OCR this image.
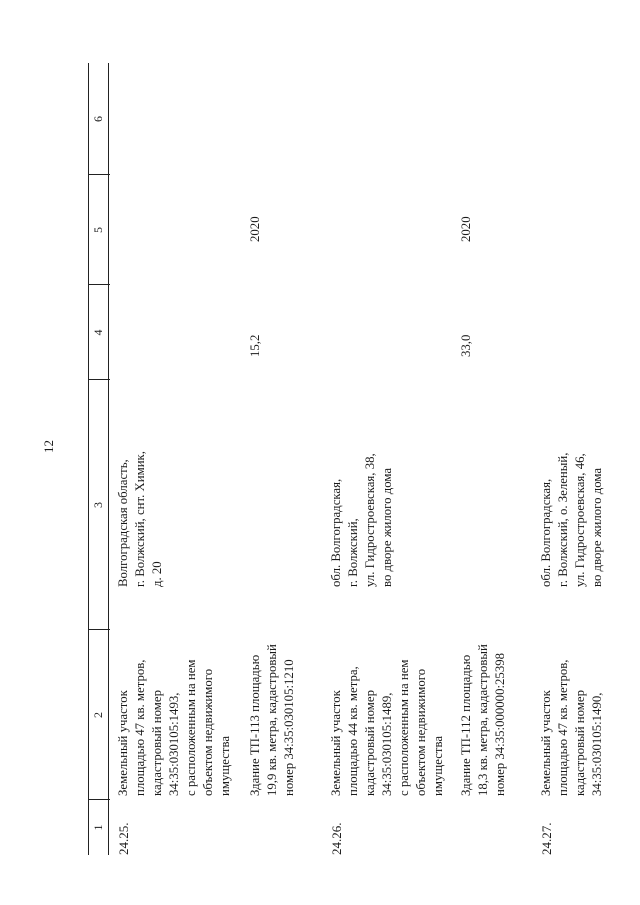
12
1
2
3
4
5
6
24.25.
Земельный участок площадью 47 кв. метров, кадастровый номер 34:35:030105:1493, с расположенным на нем объектом недвижимого имущества
Волгоградская область, г. Волжский, снт. Химик, д. 20
Здание ТП-113 площадью 19,9 кв. метра, кадастровый номер 34:35:030105:1210
15,2
2020
24.26.
Земельный участок площадью 44 кв. метра, кадастровый номер 34:35:030105:1489, с расположенным на нем объектом недвижимого имущества
обл. Волгоградская, г. Волжский, ул. Гидростроевская, 38, во дворе жилого дома
Здание ТП-112 площадью 18,3 кв. метра, кадастровый номер 34:35:000000:25398
33,0
2020
24.27.
Земельный участок площадью 47 кв. метров, кадастровый номер 34:35:030105:1490,
обл. Волгоградская, г. Волжский, о. Зеленый, ул. Гидростроевская, 46, во дворе жилого дома
